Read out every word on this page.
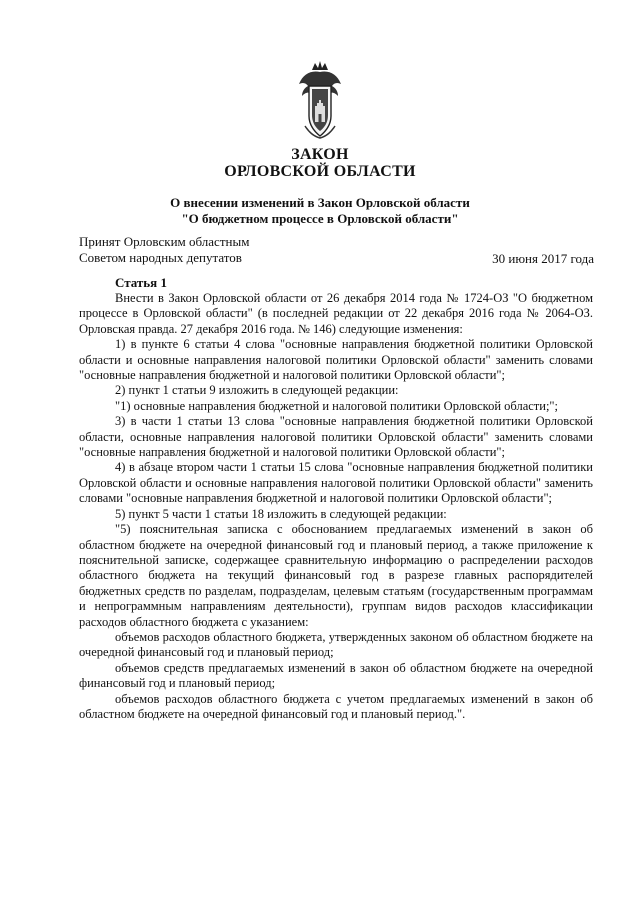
ЗАКОН
ОРЛОВСКОЙ ОБЛАСТИ
О внесении изменений в Закон Орловской области
"О бюджетном процессе в Орловской области"
Принят Орловским областным
Советом народных депутатов	30 июня 2017 года
Статья 1

Внести в Закон Орловской области от 26 декабря 2014 года № 1724-ОЗ "О бюджетном процессе в Орловской области" (в последней редакции от 22 декабря 2016 года № 2064-ОЗ. Орловская правда. 27 декабря 2016 года. № 146) следующие изменения:

1) в пункте 6 статьи 4 слова "основные направления бюджетной политики Орловской области и основные направления налоговой политики Орловской области" заменить словами "основные направления бюджетной и налоговой политики Орловской области";

2) пункт 1 статьи 9 изложить в следующей редакции:

"1) основные направления бюджетной и налоговой политики Орловской области;";

3) в части 1 статьи 13 слова "основные направления бюджетной политики Орловской области, основные направления налоговой политики Орловской области" заменить словами "основные направления бюджетной и налоговой политики Орловской области";

4) в абзаце втором части 1 статьи 15 слова "основные направления бюджетной политики Орловской области и основные направления налоговой политики Орловской области" заменить словами "основные направления бюджетной и налоговой политики Орловской области";

5) пункт 5 части 1 статьи 18 изложить в следующей редакции:

"5) пояснительная записка с обоснованием предлагаемых изменений в закон об областном бюджете на очередной финансовый год и плановый период, а также приложение к пояснительной записке, содержащее сравнительную информацию о распределении расходов областного бюджета на текущий финансовый год в разрезе главных распорядителей бюджетных средств по разделам, подразделам, целевым статьям (государственным программам и непрограммным направлениям деятельности), группам видов расходов классификации расходов областного бюджета с указанием:

объемов расходов областного бюджета, утвержденных законом об областном бюджете на очередной финансовый год и плановый период;

объемов средств предлагаемых изменений в закон об областном бюджете на очередной финансовый год и плановый период;

объемов расходов областного бюджета с учетом предлагаемых изменений в закон об областном бюджете на очередной финансовый год и плановый период.".
